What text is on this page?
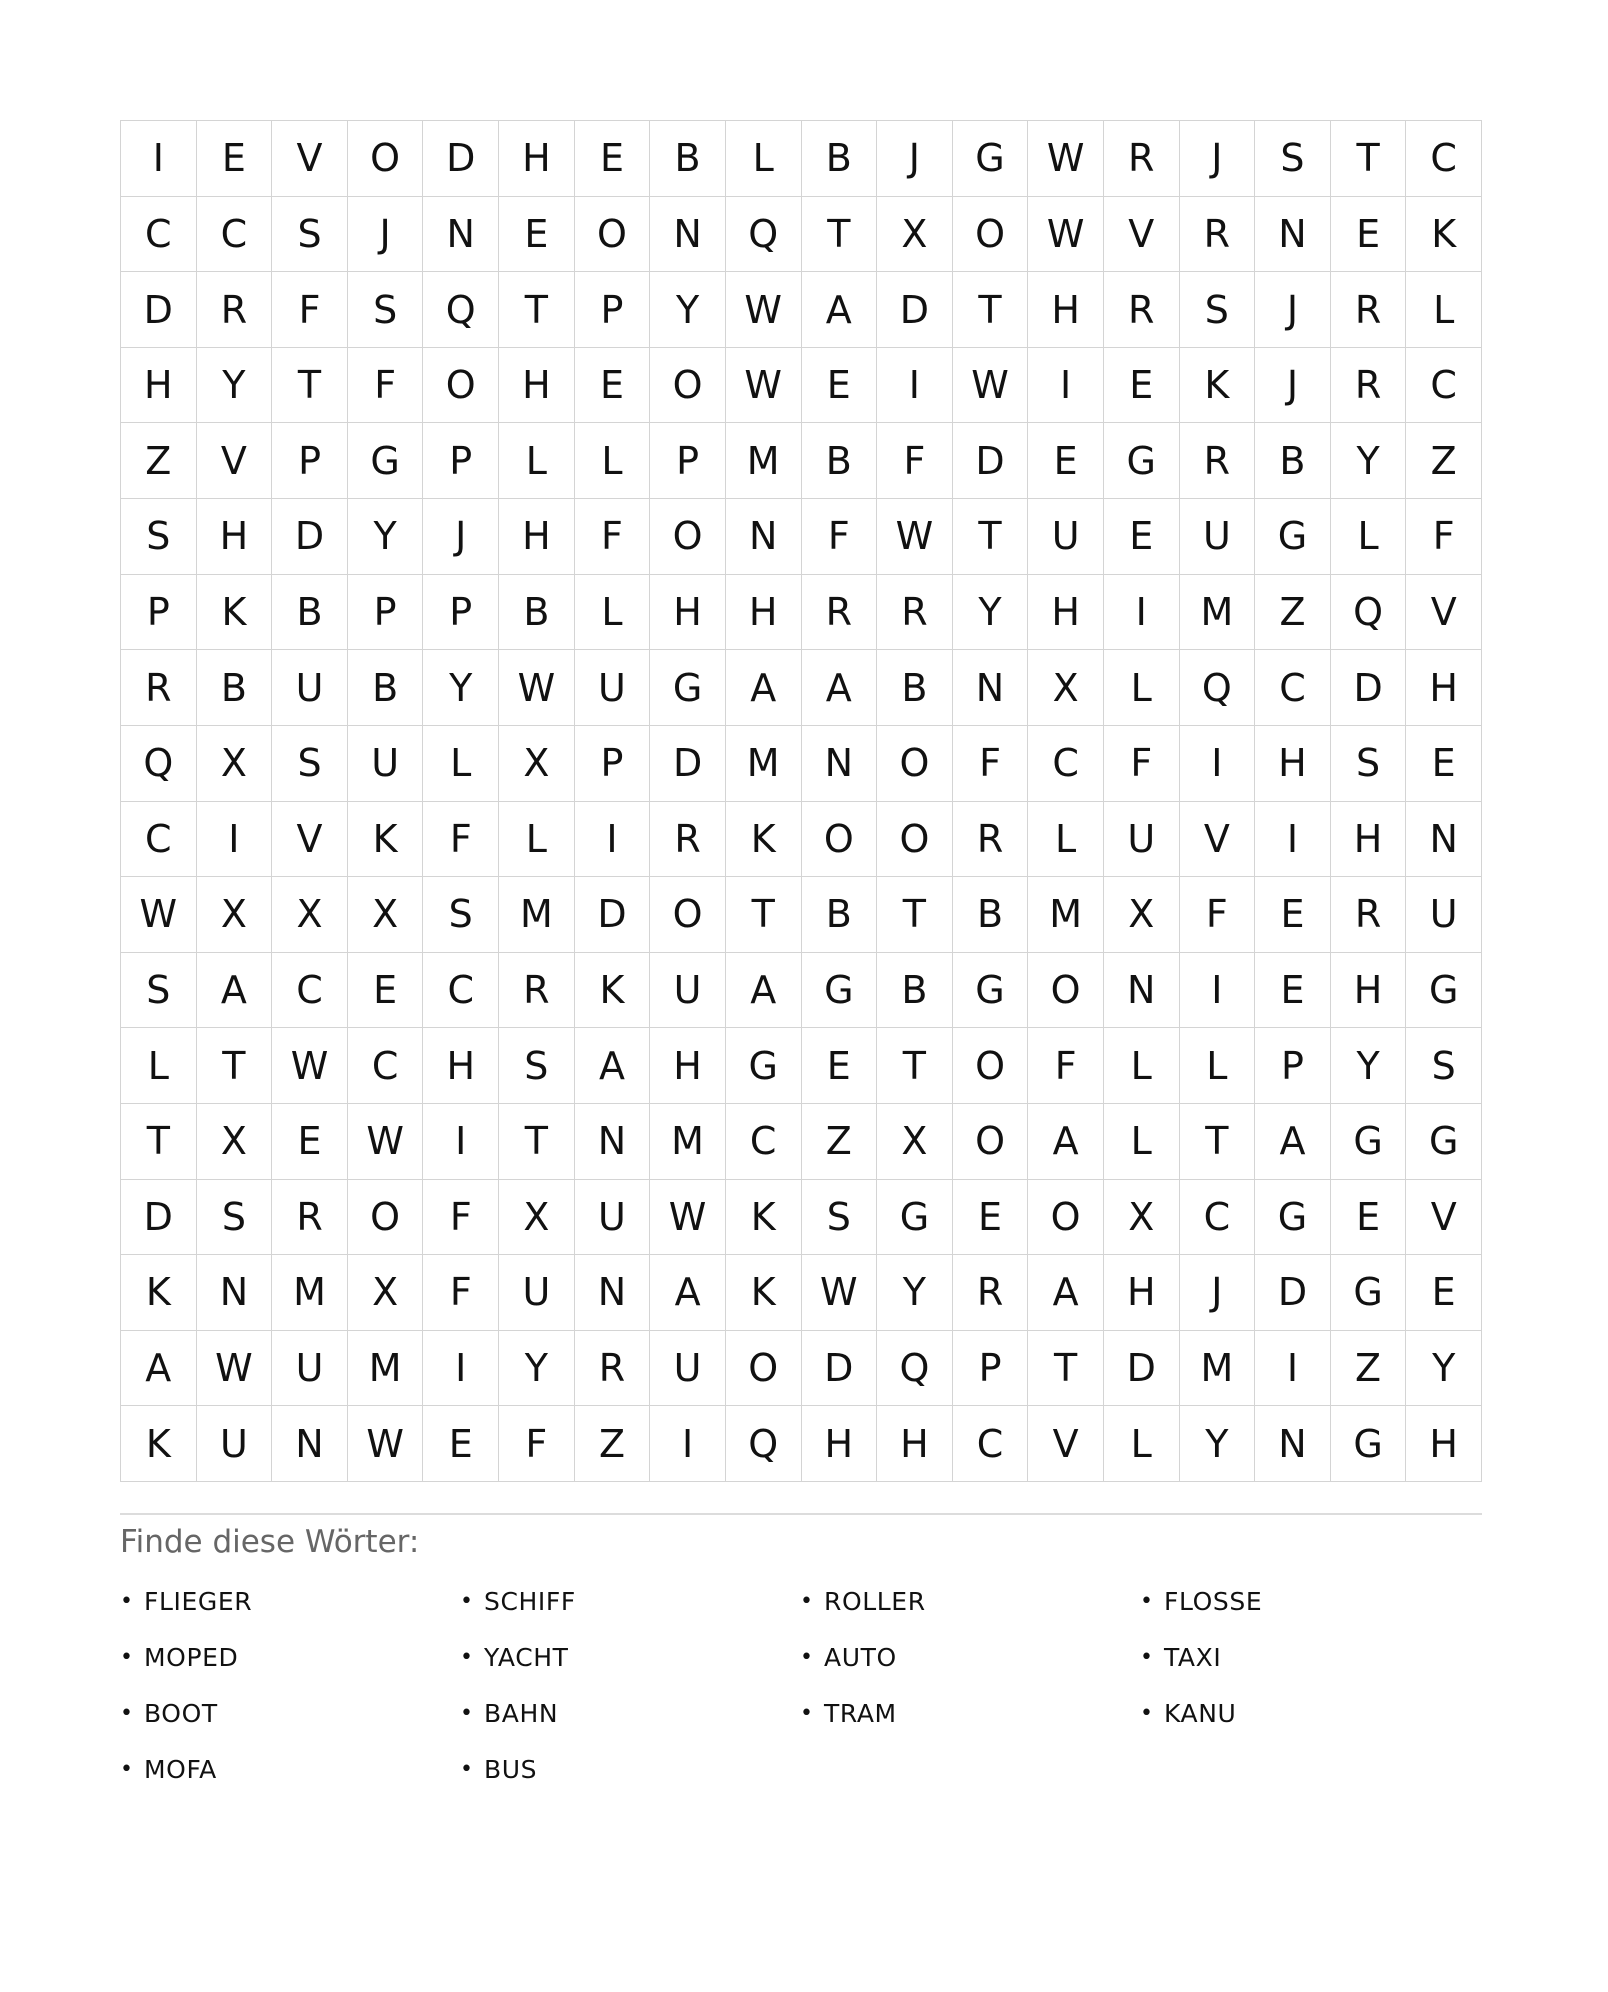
I	E	V	O	D	H	E	B	L	B	J	G	W	R	J	S	T	C
C	C	S	J	N	E	O	N	Q	T	X	O	W	V	R	N	E	K
D	R	F	S	Q	T	P	Y	W	A	D	T	H	R	S	J	R	L
H	Y	T	F	O	H	E	O	W	E	I	W	I	E	K	J	R	C
Z	V	P	G	P	L	L	P	M	B	F	D	E	G	R	B	Y	Z
S	H	D	Y	J	H	F	O	N	F	W	T	U	E	U	G	L	F
P	K	B	P	P	B	L	H	H	R	R	Y	H	I	M	Z	Q	V
R	B	U	B	Y	W	U	G	A	A	B	N	X	L	Q	C	D	H
Q	X	S	U	L	X	P	D	M	N	O	F	C	F	I	H	S	E
C	I	V	K	F	L	I	R	K	O	O	R	L	U	V	I	H	N
W	X	X	X	S	M	D	O	T	B	T	B	M	X	F	E	R	U
S	A	C	E	C	R	K	U	A	G	B	G	O	N	I	E	H	G
L	T	W	C	H	S	A	H	G	E	T	O	F	L	L	P	Y	S
T	X	E	W	I	T	N	M	C	Z	X	O	A	L	T	A	G	G
D	S	R	O	F	X	U	W	K	S	G	E	O	X	C	G	E	V
K	N	M	X	F	U	N	A	K	W	Y	R	A	H	J	D	G	E
A	W	U	M	I	Y	R	U	O	D	Q	P	T	D	M	I	Z	Y
K	U	N	W	E	F	Z	I	Q	H	H	C	V	L	Y	N	G	H
Finde diese Wörter:
• FLIEGER	• SCHIFF	• ROLLER	• FLOSSE
• MOPED	• YACHT	• AUTO	• TAXI
• BOOT	• BAHN	• TRAM	• KANU
• MOFA	• BUS
